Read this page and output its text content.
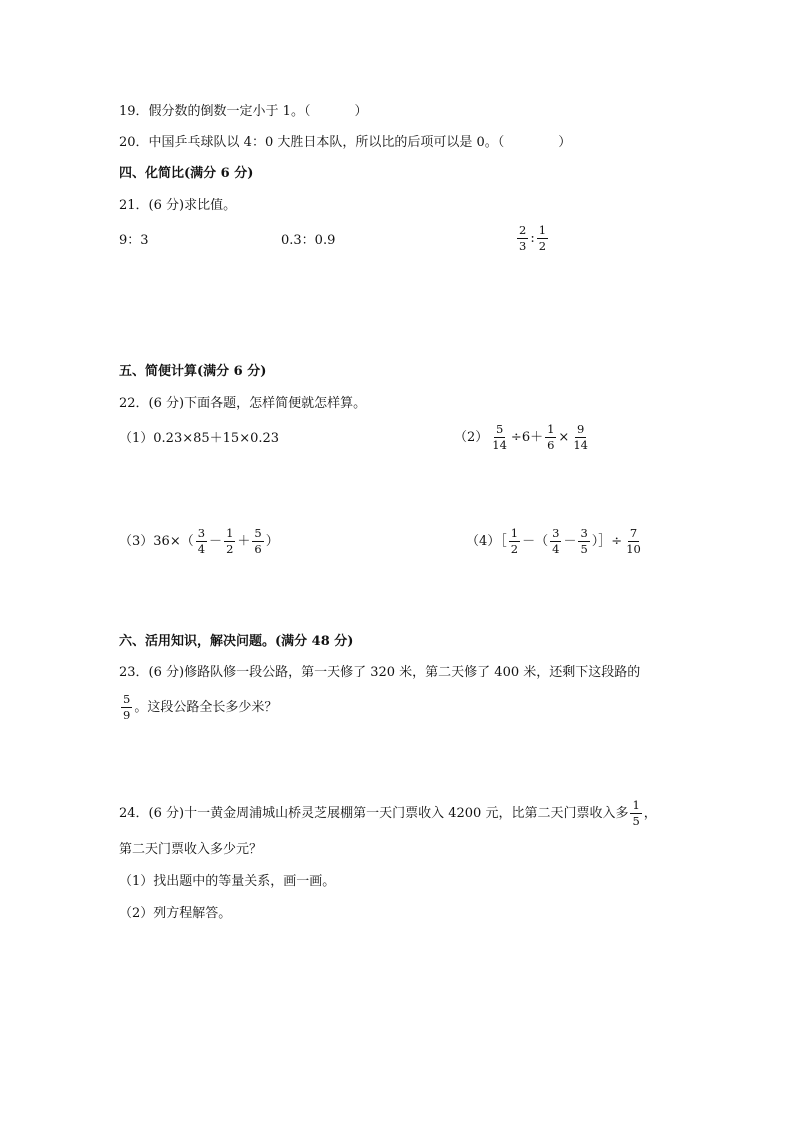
19．假分数的倒数一定小于 1。（	）
20．中国乒乓球队以 4：0 大胜日本队，所以比的后项可以是 0。（	）
四、化简比(满分 6 分)
21．(6 分)求比值。
9：3	0.3：0.9	$\frac{2}{3}$ : $\frac{1}{2}$
五、简便计算(满分 6 分)
22．(6 分)下面各题，怎样简便就怎样算。
（1）0.23×85＋15×0.23	$(2) \frac{5}{14} \div 6+ \frac{1}{6} \times \frac{9}{14}$
$(3)36\times( \frac{3}{4} - \frac{1}{2} + \frac{5}{6}$ ）	（4）［ $\frac{1}{2}$ －（ $\frac{3}{4} - \frac{3}{5}$ ）］÷ $\frac{7}{10}$
六、活用知识，解决问题。(满分 48 分)
23．(6 分)修路队修一段公路，第一天修了 320 米，第二天修了 400 米，还剩下这段路的
$\frac{5}{9}$ 。这段公路全长多少米？
24．(6 分)十一黄金周浦城山桥灵芝展棚第一天门票收入 4200 元，比第二天门票收入多 $\frac{1}{5}$ ，
第二天门票收入多少元？
（1）找出题中的等量关系，画一画。
（2）列方程解答。
